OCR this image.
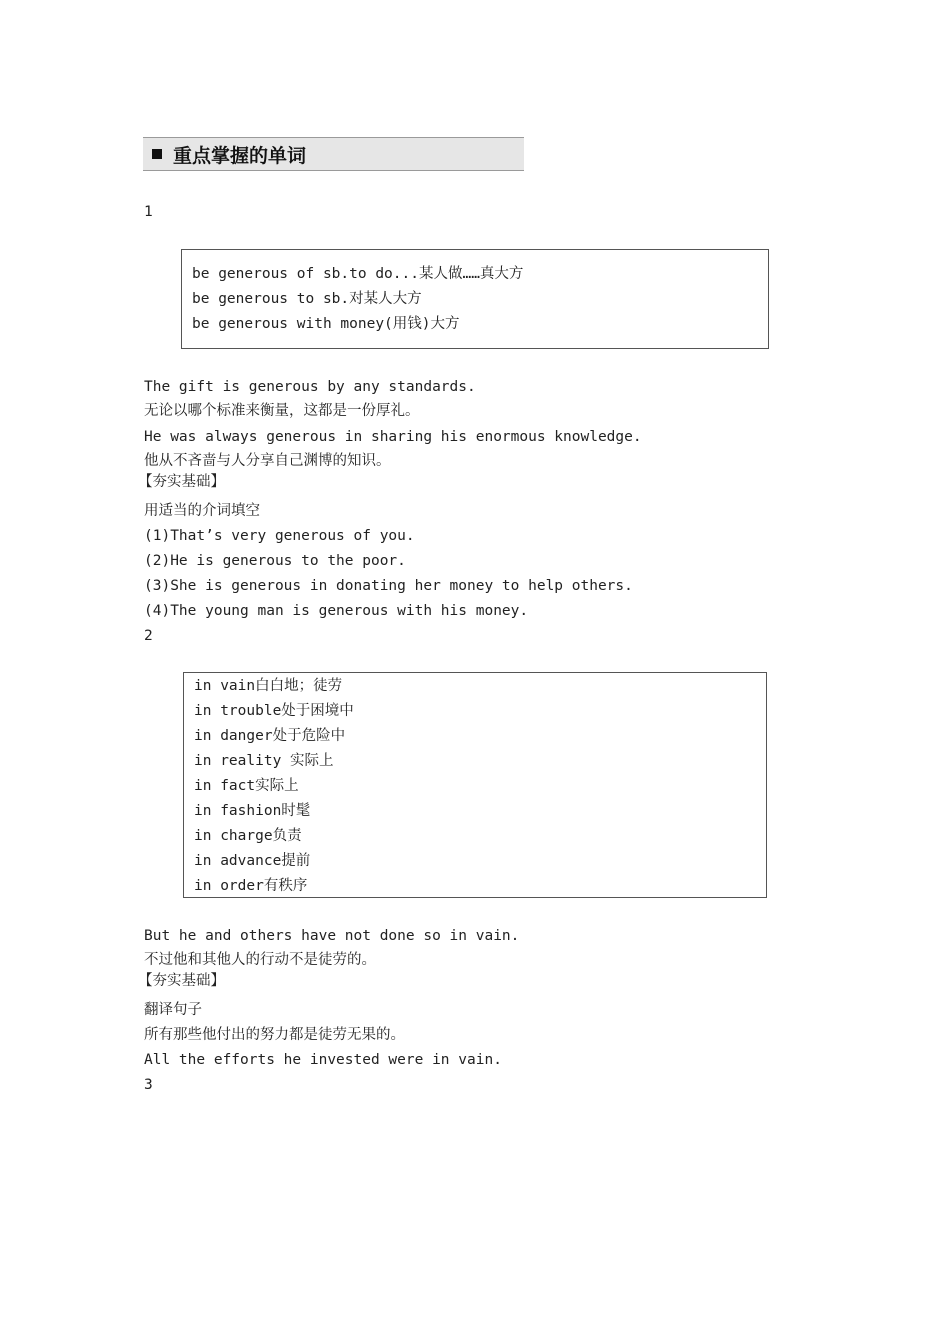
重点掌握的单词
1
be generous of sb.to do...某人做……真大方
be generous to sb.对某人大方
be generous with money(用钱)大方
The gift is generous by any standards.
无论以哪个标准来衡量，这都是一份厚礼。
He was always generous in sharing his enormous knowledge.
他从不吝啬与人分享自己渊博的知识。
【夯实基础】
用适当的介词填空
(1)That’s very generous of you.
(2)He is generous to the poor.
(3)She is generous in donating her money to help others.
(4)The young man is generous with his money.
2
in vain白白地；徒劳
in trouble处于困境中
in danger处于危险中
in reality 实际上
in fact实际上
in fashion时髦
in charge负责
in advance提前
in order有秩序
But he and others have not done so in vain.
不过他和其他人的行动不是徒劳的。
【夯实基础】
翻译句子
所有那些他付出的努力都是徒劳无果的。
All the efforts he invested were in vain.
3
